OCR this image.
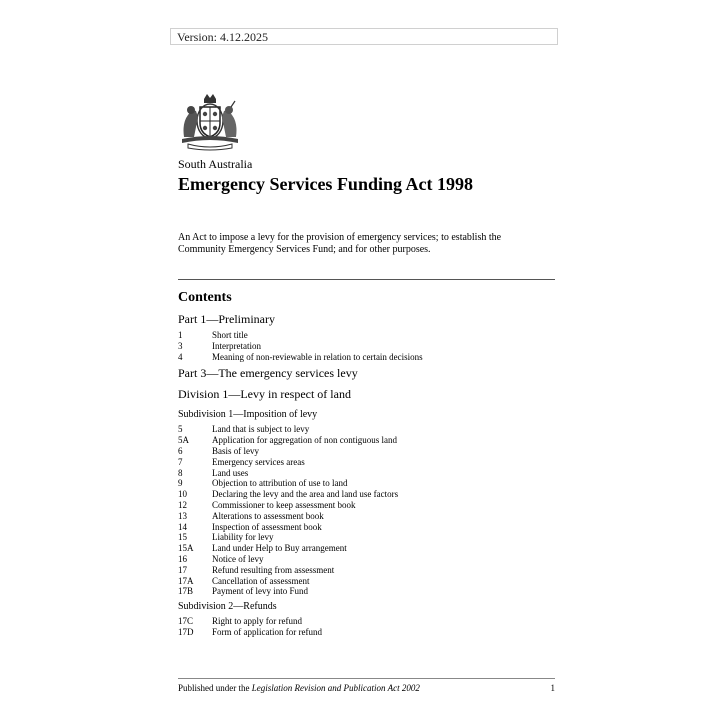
Version: 4.12.2025
South Australia
Emergency Services Funding Act 1998

An Act to impose a levy for the provision of emergency services; to establish the Community Emergency Services Fund; and for other purposes.

Contents
Part 1—Preliminary
1	Short title
3	Interpretation
4	Meaning of non-reviewable in relation to certain decisions
Part 3—The emergency services levy
Division 1—Levy in respect of land
Subdivision 1—Imposition of levy
5	Land that is subject to levy
5A	Application for aggregation of non contiguous land
6	Basis of levy
7	Emergency services areas
8	Land uses
9	Objection to attribution of use to land
10	Declaring the levy and the area and land use factors
12	Commissioner to keep assessment book
13	Alterations to assessment book
14	Inspection of assessment book
15	Liability for levy
15A	Land under Help to Buy arrangement
16	Notice of levy
17	Refund resulting from assessment
17A	Cancellation of assessment
17B	Payment of levy into Fund
Subdivision 2—Refunds
17C	Right to apply for refund
17D	Form of application for refund
Published under the Legislation Revision and Publication Act 2002	1
